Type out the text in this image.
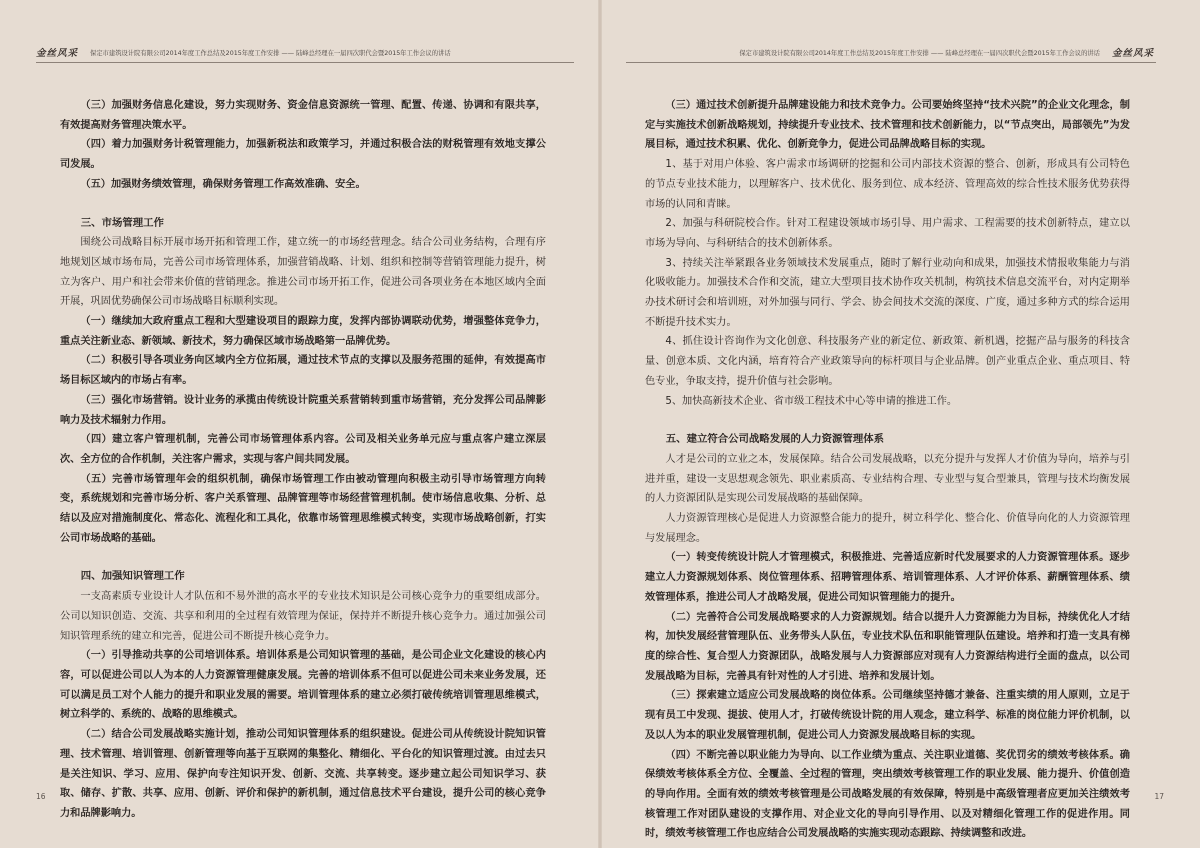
金丝风采 保定市建筑设计院有限公司2014年度工作总结及2015年度工作安排 —— 陆峰总经理在一届四次职代会暨2015年工作会议的讲话

（三）加强财务信息化建设，努力实现财务、资金信息资源统一管理、配置、传递、协调和有限共享，有效提高财务管理决策水平。

（四）着力加强财务计税管理能力，加强新税法和政策学习，并通过积极合法的财税管理有效地支撑公司发展。

（五）加强财务绩效管理，确保财务管理工作高效准确、安全。

三、市场管理工作

围绕公司战略目标开展市场开拓和管理工作，建立统一的市场经营理念。结合公司业务结构，合理有序地规划区域市场布局，完善公司市场管理体系，加强营销战略、计划、组织和控制等营销管理能力提升，树立为客户、用户和社会带来价值的营销理念。推进公司市场开拓工作，促进公司各项业务在本地区域内全面开展，巩固优势确保公司市场战略目标顺利实现。

（一）继续加大政府重点工程和大型建设项目的跟踪力度，发挥内部协调联动优势，增强整体竞争力，重点关注新业态、新领域、新技术，努力确保区域市场战略第一品牌优势。

（二）积极引导各项业务向区域内全方位拓展，通过技术节点的支撑以及服务范围的延伸，有效提高市场目标区域内的市场占有率。

（三）强化市场营销。设计业务的承揽由传统设计院重关系营销转到重市场营销，充分发挥公司品牌影响力及技术辐射力作用。

（四）建立客户管理机制，完善公司市场管理体系内容。公司及相关业务单元应与重点客户建立深层次、全方位的合作机制，关注客户需求，实现与客户间共同发展。

（五）完善市场管理年会的组织机制，确保市场管理工作由被动管理向积极主动引导市场管理方向转变，系统规划和完善市场分析、客户关系管理、品牌管理等市场经营管理机制。使市场信息收集、分析、总结以及应对措施制度化、常态化、流程化和工具化，依靠市场管理思维模式转变，实现市场战略创新，打实公司市场战略的基础。

四、加强知识管理工作

一支高素质专业设计人才队伍和不易外泄的高水平的专业技术知识是公司核心竞争力的重要组成部分。公司以知识创造、交流、共享和利用的全过程有效管理为保证，保持并不断提升核心竞争力。通过加强公司知识管理系统的建立和完善，促进公司不断提升核心竞争力。

（一）引导推动共享的公司培训体系。培训体系是公司知识管理的基础，是公司企业文化建设的核心内容，可以促进公司以人为本的人力资源管理健康发展。完善的培训体系不但可以促进公司未来业务发展，还可以满足员工对个人能力的提升和职业发展的需要。培训管理体系的建立必须打破传统培训管理思维模式，树立科学的、系统的、战略的思维模式。

（二）结合公司发展战略实施计划，推动公司知识管理体系的组织建设。促进公司从传统设计院知识管理、技术管理、培训管理、创新管理等向基于互联网的集整化、精细化、平台化的知识管理过渡。由过去只是关注知识、学习、应用、保护向专注知识开发、创新、交流、共享转变。逐步建立起公司知识学习、获取、储存、扩散、共享、应用、创新、评价和保护的新机制，通过信息技术平台建设，提升公司的核心竞争力和品牌影响力。

16
保定市建筑设计院有限公司2014年度工作总结及2015年度工作安排 —— 陆峰总经理在一届四次职代会暨2015年工作会议的讲话 金丝风采

（三）通过技术创新提升品牌建设能力和技术竞争力。公司要始终坚持“技术兴院”的企业文化理念，制定与实施技术创新战略规划，持续提升专业技术、技术管理和技术创新能力，以“节点突出，局部领先”为发展目标，通过技术积累、优化、创新竞争力，促进公司品牌战略目标的实现。

1、基于对用户体验、客户需求市场调研的挖掘和公司内部技术资源的整合、创新，形成具有公司特色的节点专业技术能力，以理解客户、技术优化、服务到位、成本经济、管理高效的综合性技术服务优势获得市场的认同和青睐。

2、加强与科研院校合作。针对工程建设领域市场引导、用户需求、工程需要的技术创新特点，建立以市场为导向、与科研结合的技术创新体系。

3、持续关注举紧跟各业务领域技术发展重点，随时了解行业动向和成果，加强技术情报收集能力与消化吸收能力。加强技术合作和交流，建立大型项目技术协作攻关机制，构筑技术信息交流平台，对内定期举办技术研讨会和培训班，对外加强与同行、学会、协会间技术交流的深度、广度，通过多种方式的综合运用不断提升技术实力。

4、抓住设计咨询作为文化创意、科技服务产业的新定位、新政策、新机遇，挖掘产品与服务的科技含量、创意本质、文化内涵，培育符合产业政策导向的标杆项目与企业品牌。创产业重点企业、重点项目、特色专业，争取支持，提升价值与社会影响。

5、加快高新技术企业、省市级工程技术中心等申请的推进工作。

五、建立符合公司战略发展的人力资源管理体系

人才是公司的立业之本，发展保障。结合公司发展战略，以充分提升与发挥人才价值为导向，培养与引进并重，建设一支思想观念领先、职业素质高、专业结构合理、专业型与复合型兼具，管理与技术均衡发展的人力资源团队是实现公司发展战略的基础保障。

人力资源管理核心是促进人力资源整合能力的提升，树立科学化、整合化、价值导向化的人力资源管理与发展理念。

（一）转变传统设计院人才管理模式，积极推进、完善适应新时代发展要求的人力资源管理体系。逐步建立人力资源规划体系、岗位管理体系、招聘管理体系、培训管理体系、人才评价体系、薪酬管理体系、绩效管理体系，推进公司人才战略发展，促进公司知识管理能力的提升。

（二）完善符合公司发展战略要求的人力资源规划。结合以提升人力资源能力为目标，持续优化人才结构，加快发展经营管理队伍、业务带头人队伍，专业技术队伍和职能管理队伍建设。培养和打造一支具有梯度的综合性、复合型人力资源团队，战略发展与人力资源部应对现有人力资源结构进行全面的盘点，以公司发展战略为目标，完善具有针对性的人才引进、培养和发展计划。

（三）探索建立适应公司发展战略的岗位体系。公司继续坚持德才兼备、注重实绩的用人原则，立足于现有员工中发现、提拔、使用人才，打破传统设计院的用人观念，建立科学、标准的岗位能力评价机制，以及以人为本的职业发展管理机制，促进公司人力资源发展战略目标的实现。

（四）不断完善以职业能力为导向、以工作业绩为重点、关注职业道德、奖优罚劣的绩效考核体系。确保绩效考核体系全方位、全覆盖、全过程的管理，突出绩效考核管理工作的职业发展、能力提升、价值创造的导向作用。全面有效的绩效考核管理是公司战略发展的有效保障，特别是中高级管理者应更加关注绩效考核管理工作对团队建设的支撑作用、对企业文化的导向引导作用、以及对精细化管理工作的促进作用。同时，绩效考核管理工作也应结合公司发展战略的实施实现动态跟踪、持续调整和改进。

17
